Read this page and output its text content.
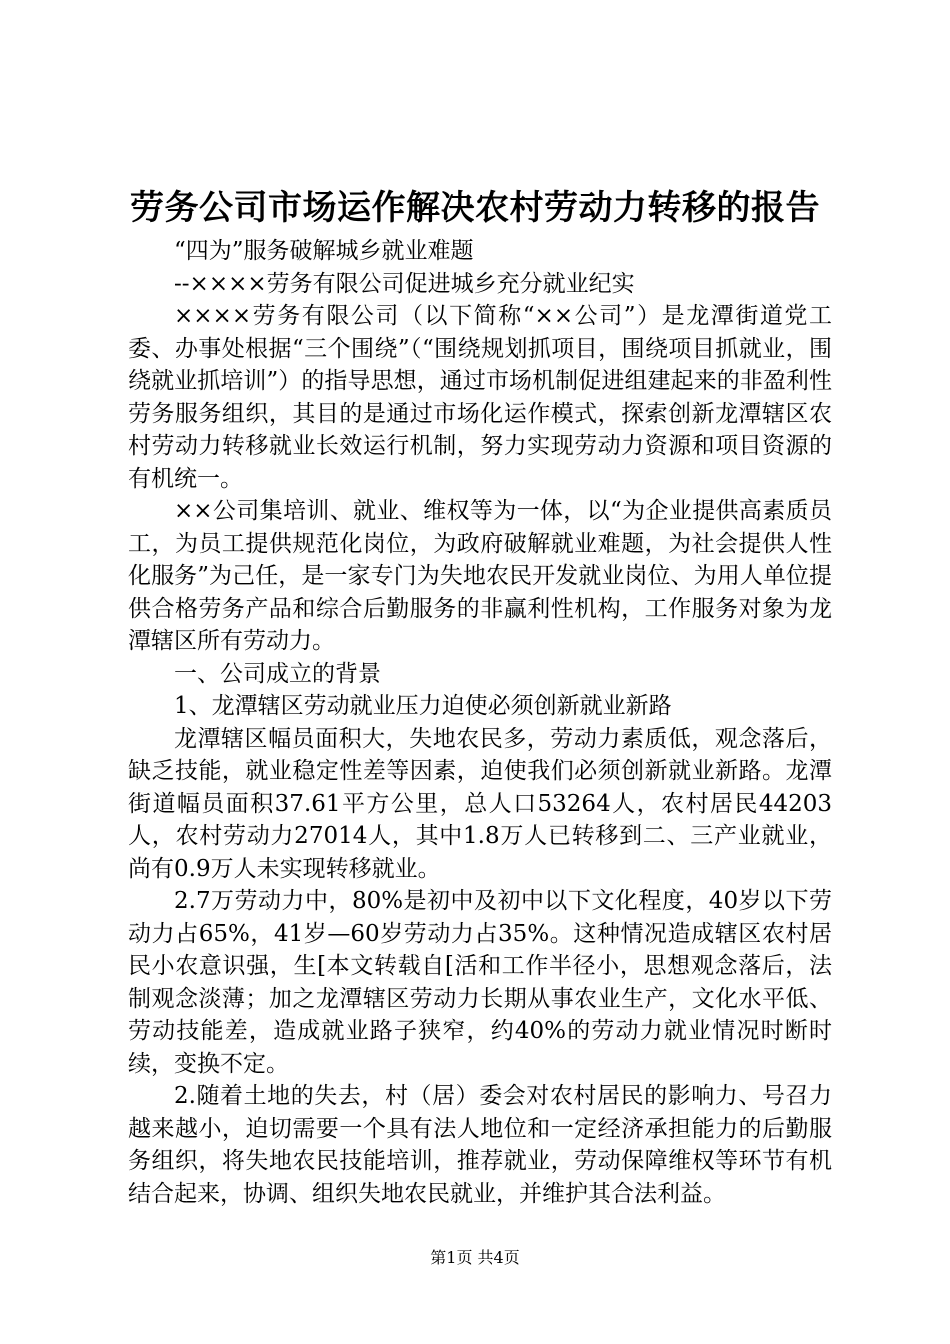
劳务公司市场运作解决农村劳动力转移的报告

“四为”服务破解城乡就业难题

--××××劳务有限公司促进城乡充分就业纪实

××××劳务有限公司（以下简称“××公司”）是龙潭街道党工委、办事处根据“三个围绕”（“围绕规划抓项目，围绕项目抓就业，围绕就业抓培训”）的指导思想，通过市场机制促进组建起来的非盈利性劳务服务组织，其目的是通过市场化运作模式，探索创新龙潭辖区农村劳动力转移就业长效运行机制，努力实现劳动力资源和项目资源的有机统一。

××公司集培训、就业、维权等为一体，以“为企业提供高素质员工，为员工提供规范化岗位，为政府破解就业难题，为社会提供人性化服务”为己任，是一家专门为失地农民开发就业岗位、为用人单位提供合格劳务产品和综合后勤服务的非赢利性机构，工作服务对象为龙潭辖区所有劳动力。

一、公司成立的背景

1、龙潭辖区劳动就业压力迫使必须创新就业新路

龙潭辖区幅员面积大，失地农民多，劳动力素质低，观念落后，缺乏技能，就业稳定性差等因素，迫使我们必须创新就业新路。龙潭街道幅员面积37.61平方公里，总人口53264人，农村居民44203人，农村劳动力27014人，其中1.8万人已转移到二、三产业就业，尚有0.9万人未实现转移就业。

2.7万劳动力中，80%是初中及初中以下文化程度，40岁以下劳动力占65%，41岁—60岁劳动力占35%。这种情况造成辖区农村居民小农意识强，生[本文转载自[活和工作半径小，思想观念落后，法制观念淡薄；加之龙潭辖区劳动力长期从事农业生产，文化水平低、劳动技能差，造成就业路子狭窄，约40%的劳动力就业情况时断时续，变换不定。

2.随着土地的失去，村（居）委会对农村居民的影响力、号召力越来越小，迫切需要一个具有法人地位和一定经济承担能力的后勤服务组织，将失地农民技能培训，推荐就业，劳动保障维权等环节有机结合起来，协调、组织失地农民就业，并维护其合法利益。

第1页 共4页
